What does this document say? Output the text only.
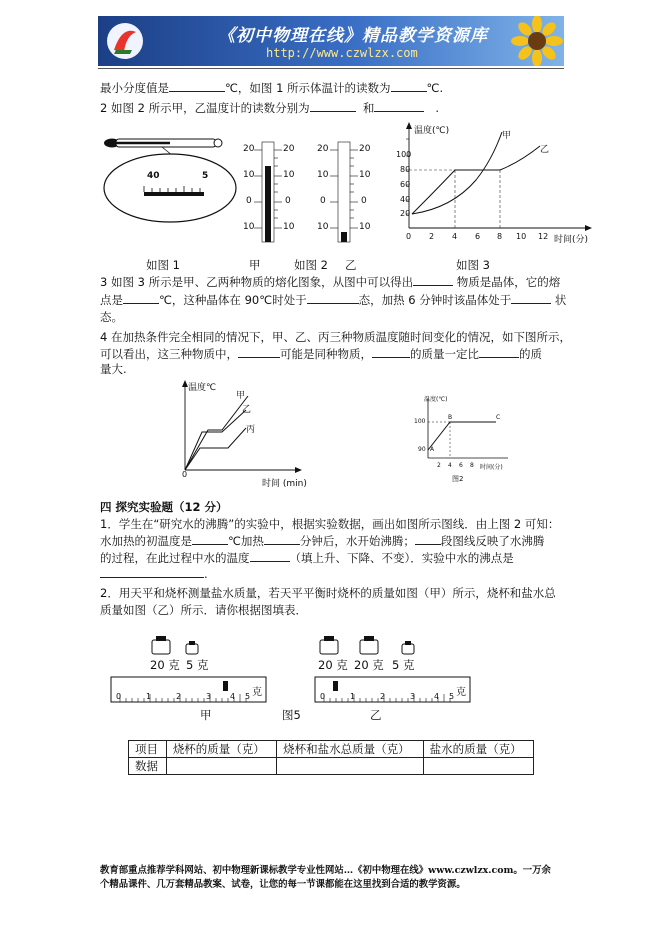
《初中物理在线》精品教学资源库
http://www.czwlzx.com
最小分度值是	℃，如图 1 所示体温计的读数为	℃.
2 如图 2 所示甲，乙温度计的读数分别为	和	.
40	5
如图 1
20
10
0
10
20
10
0
10
20
10
0
10
20
10
0
10
甲	如图 2 乙
温度(℃)
100
80
60
40
20
0 2 4 6 8 10 12 时间(分)
甲
乙
如图 3
3 如图 3 所示是甲、乙两种物质的熔化图象，从图中可以得出	物质是晶体，它的熔
点是	℃，这种晶体在 90℃时处于	态，加热 6 分钟时该晶体处于	状
态。
4 在加热条件完全相同的情况下，甲、乙、丙三种物质温度随时间变化的情况，如下图所示，
可以看出，这三种物质中，	可能是同种物质，	的质量一定比	的质
量大.
温度℃
0
时间 (min)
甲
乙
丙
温度(℃)
100
90 A
B	C
2 4 6 8 时间(分)
图2
四 探究实验题（12 分）
1．学生在“研究水的沸腾”的实验中，根据实验数据，画出如图所示图线．由上图 2 可知：
水加热的初温度是	℃加热	分钟后，水开始沸腾； 段图线反映了水沸腾
的过程，在此过程中水的温度	（填上升、下降、不变）．实验中水的沸点是
.
2．用天平和烧杯测量盐水质量，若天平平衡时烧杯的质量如图（甲）所示，烧杯和盐水总
质量如图（乙）所示．请你根据图填表．
20 克 5 克	20 克 20 克 5 克
0	1	2	3 4 5 克	0	1	2	3 4 5 克
甲	图5	乙
项目	烧杯的质量（克）	烧杯和盐水总质量（克）	盐水的质量（克）
数据			
教育部重点推荐学科网站、初中物理新课标教学专业性网站…《初中物理在线》www.czwlzx.com。一万余
个精品课件、几万套精品教案、试卷，让您的每一节课都能在这里找到合适的教学资源。
